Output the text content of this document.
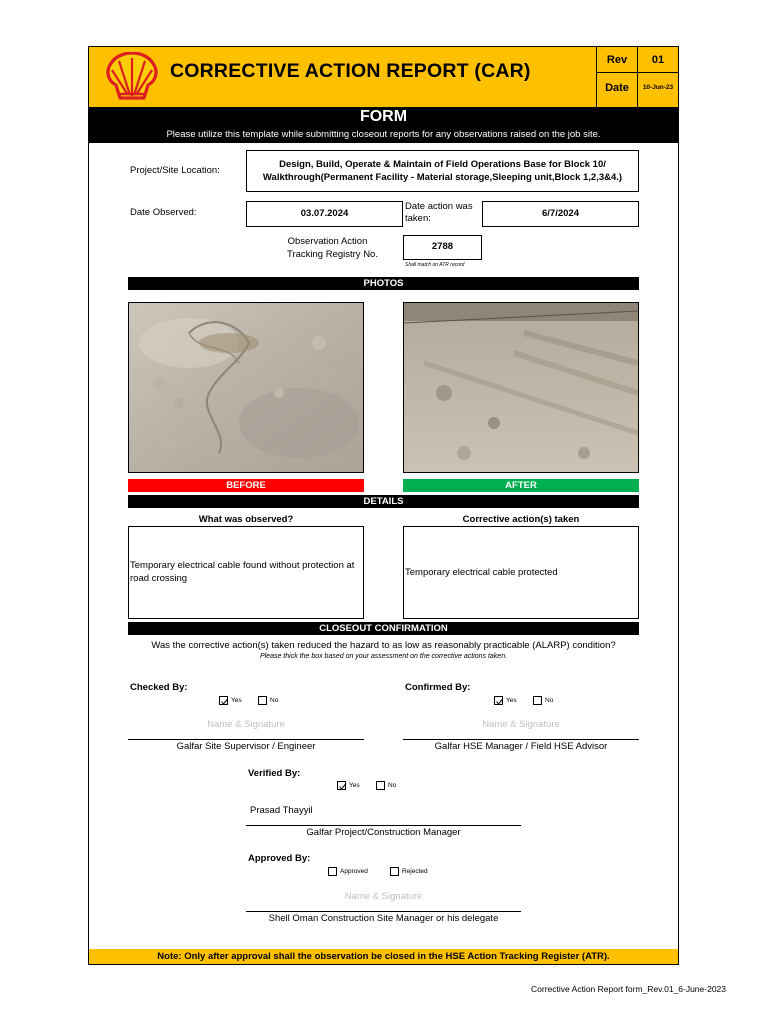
CORRECTIVE ACTION REPORT (CAR)	Rev	01
Date	10-Jun-23
FORM
Please utilize this template while submitting closeout reports for any observations raised on the job site.
Project/Site Location:
Design, Build, Operate & Maintain of Field Operations Base for Block 10/
Walkthrough(Permanent Facility - Material storage,Sleeping unit,Block 1,2,3&4.)
Date Observed:	03.07.2024
Date action was
taken:	6/7/2024
Observation Action
Tracking Registry No.
2788
Shall match on ATR record
PHOTOS
BEFORE	AFTER
DETAILS
What was observed?	Corrective action(s) taken
Temporary electrical cable found without protection at
road crossing
Temporary electrical cable protected
CLOSEOUT CONFIRMATION
Was the corrective action(s) taken reduced the hazard to as low as reasonably practicable (ALARP) condition?
Please thick the box based on your assessment on the corrective actions taken.
Checked By:
Yes	No
Name & Signature
Galfar Site Supervisor / Engineer
Confirmed By:
Yes	No
Name & Signature
Galfar HSE Manager / Field HSE Advisor
Verified By:
Yes	No
Prasad Thayyil
Galfar Project/Construction Manager
Approved By:
Approved	Rejected
Name & Signature
Shell Oman Construction Site Manager or his delegate
Note: Only after approval shall the observation be closed in the HSE Action Tracking Register (ATR).
Corrective Action Report form_Rev.01_6-June-2023
